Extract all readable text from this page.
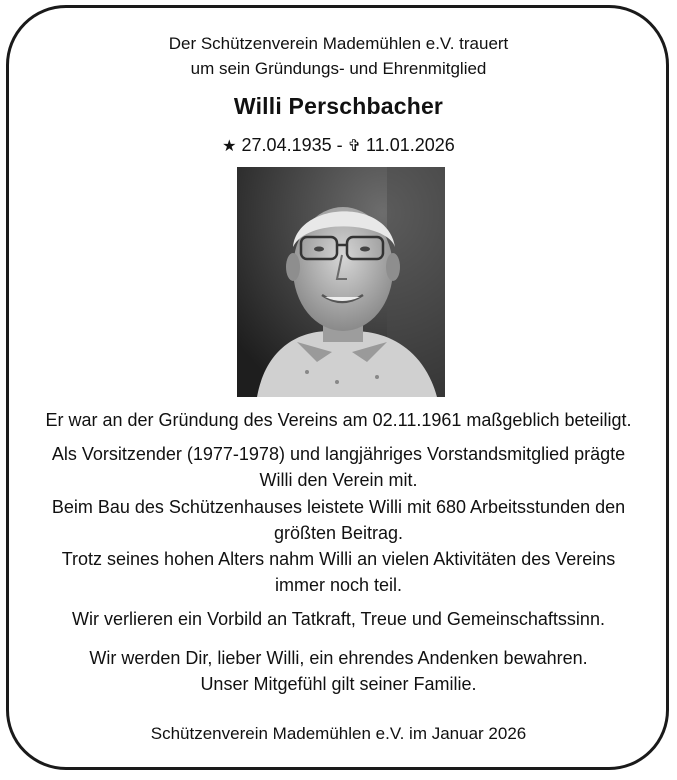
Der Schützenverein Mademühlen e.V. trauert
um sein Gründungs- und Ehrenmitglied
Willi Perschbacher
★ 27.04.1935 - ✞ 11.01.2026
Er war an der Gründung des Vereins am 02.11.1961 maßgeblich beteiligt.
Als Vorsitzender (1977-1978) und langjähriges Vorstandsmitglied prägte
Willi den Verein mit.
Beim Bau des Schützenhauses leistete Willi mit 680 Arbeitsstunden den
größten Beitrag.
Trotz seines hohen Alters nahm Willi an vielen Aktivitäten des Vereins
immer noch teil.
Wir verlieren ein Vorbild an Tatkraft, Treue und Gemeinschaftssinn.
Wir werden Dir, lieber Willi, ein ehrendes Andenken bewahren.
Unser Mitgefühl gilt seiner Familie.
Schützenverein Mademühlen e.V. im Januar 2026
